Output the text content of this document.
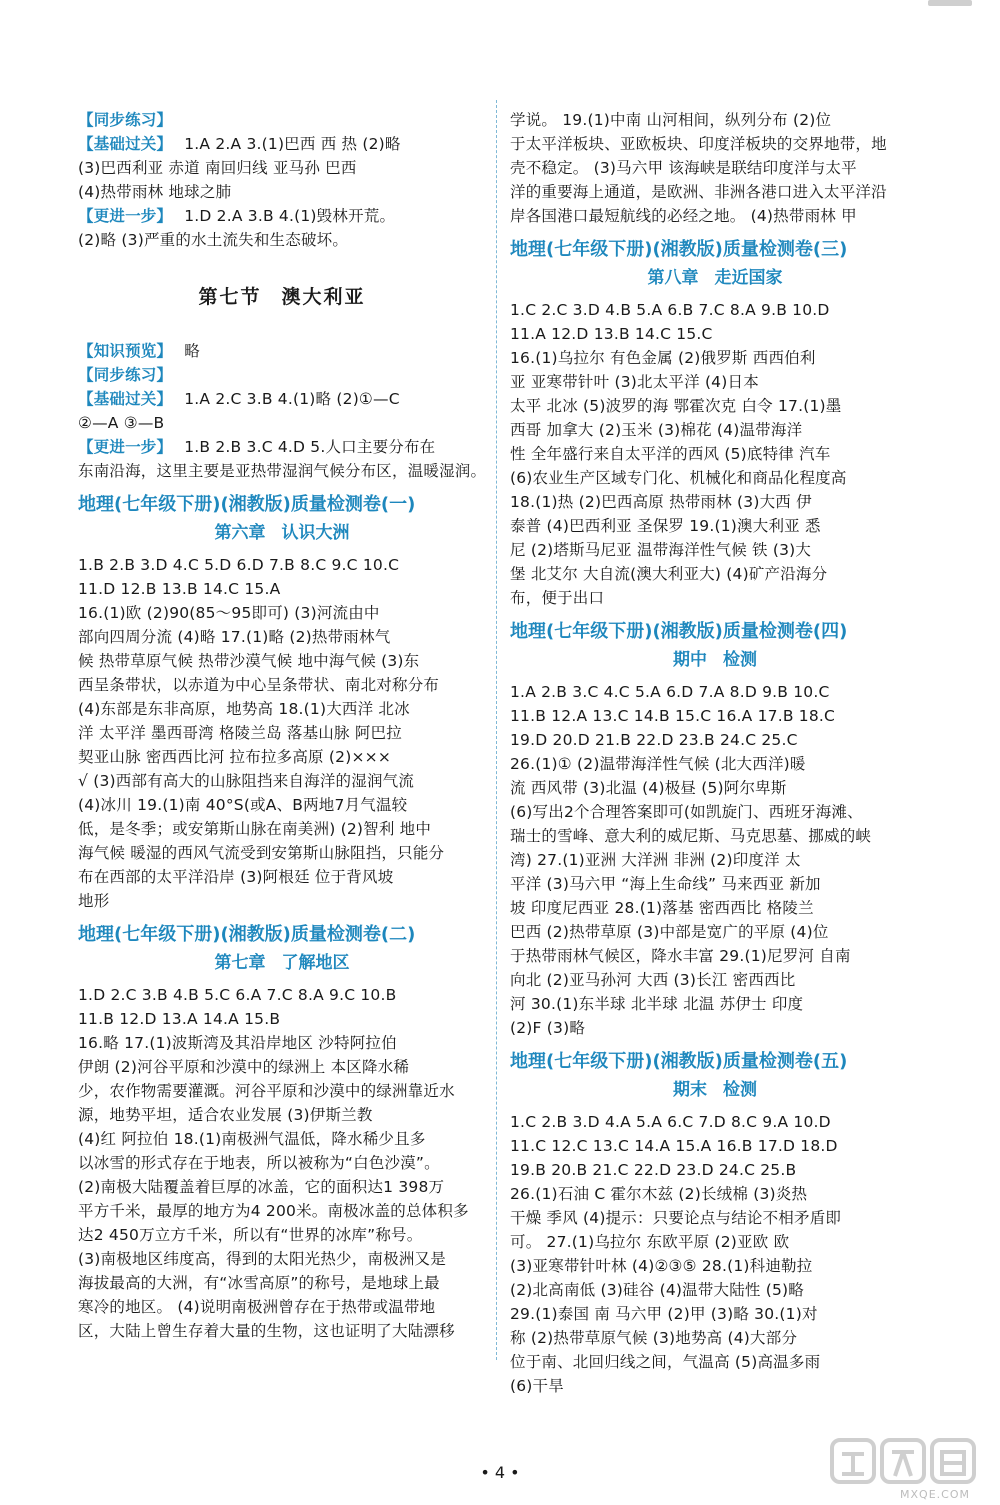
【同步练习】

【基础过关】 1.A 2.A 3.(1)巴西 西 热 (2)略

(3)巴西利亚 赤道 南回归线 亚马孙 巴西

(4)热带雨林 地球之肺

【更进一步】 1.D 2.A 3.B 4.(1)毁林开荒。

(2)略 (3)严重的水土流失和生态破坏。

第七节 澳大利亚

【知识预览】 略

【同步练习】

【基础过关】 1.A 2.C 3.B 4.(1)略 (2)①—C

②—A ③—B

【更进一步】 1.B 2.B 3.C 4.D 5.人口主要分布在

东南沿海，这里主要是亚热带湿润气候分布区，温暖湿润。

地理(七年级下册)(湘教版)质量检测卷(一)
第六章 认识大洲

1.B 2.B 3.D 4.C 5.D 6.D 7.B 8.C 9.C 10.C

11.D 12.B 13.B 14.C 15.A

16.(1)欧 (2)90(85～95即可) (3)河流由中

部向四周分流 (4)略 17.(1)略 (2)热带雨林气

候 热带草原气候 热带沙漠气候 地中海气候 (3)东

西呈条带状，以赤道为中心呈条带状、南北对称分布

(4)东部是东非高原，地势高 18.(1)大西洋 北冰

洋 太平洋 墨西哥湾 格陵兰岛 落基山脉 阿巴拉

契亚山脉 密西西比河 拉布拉多高原 (2)×××

√ (3)西部有高大的山脉阻挡来自海洋的湿润气流

(4)冰川 19.(1)南 40°S(或A、B两地7月气温较

低，是冬季；或安第斯山脉在南美洲) (2)智利 地中

海气候 暖湿的西风气流受到安第斯山脉阻挡，只能分

布在西部的太平洋沿岸 (3)阿根廷 位于背风坡

地形

地理(七年级下册)(湘教版)质量检测卷(二)
第七章 了解地区

1.D 2.C 3.B 4.B 5.C 6.A 7.C 8.A 9.C 10.B

11.B 12.D 13.A 14.A 15.B

16.略 17.(1)波斯湾及其沿岸地区 沙特阿拉伯

伊朗 (2)河谷平原和沙漠中的绿洲上 本区降水稀

少，农作物需要灌溉。河谷平原和沙漠中的绿洲靠近水

源，地势平坦，适合农业发展 (3)伊斯兰教

(4)红 阿拉伯 18.(1)南极洲气温低，降水稀少且多

以冰雪的形式存在于地表，所以被称为“白色沙漠”。

(2)南极大陆覆盖着巨厚的冰盖，它的面积达1 398万

平方千米，最厚的地方为4 200米。南极冰盖的总体积多

达2 450万立方千米，所以有“世界的冰库”称号。

(3)南极地区纬度高，得到的太阳光热少，南极洲又是

海拔最高的大洲，有“冰雪高原”的称号，是地球上最

寒冷的地区。 (4)说明南极洲曾存在于热带或温带地

区，大陆上曾生存着大量的生物，这也证明了大陆漂移

学说。 19.(1)中南 山河相间，纵列分布 (2)位

于太平洋板块、亚欧板块、印度洋板块的交界地带，地

壳不稳定。 (3)马六甲 该海峡是联结印度洋与太平

洋的重要海上通道，是欧洲、非洲各港口进入太平洋沿

岸各国港口最短航线的必经之地。 (4)热带雨林 甲

地理(七年级下册)(湘教版)质量检测卷(三)
第八章 走近国家

1.C 2.C 3.D 4.B 5.A 6.B 7.C 8.A 9.B 10.D

11.A 12.D 13.B 14.C 15.C

16.(1)乌拉尔 有色金属 (2)俄罗斯 西西伯利

亚 亚寒带针叶 (3)北太平洋 (4)日本

太平 北冰 (5)波罗的海 鄂霍次克 白令 17.(1)墨

西哥 加拿大 (2)玉米 (3)棉花 (4)温带海洋

性 全年盛行来自太平洋的西风 (5)底特律 汽车

(6)农业生产区域专门化、机械化和商品化程度高

18.(1)热 (2)巴西高原 热带雨林 (3)大西 伊

泰普 (4)巴西利亚 圣保罗 19.(1)澳大利亚 悉

尼 (2)塔斯马尼亚 温带海洋性气候 铁 (3)大

堡 北艾尔 大自流(澳大利亚大) (4)矿产沿海分

布，便于出口

地理(七年级下册)(湘教版)质量检测卷(四)
期中 检测

1.A 2.B 3.C 4.C 5.A 6.D 7.A 8.D 9.B 10.C

11.B 12.A 13.C 14.B 15.C 16.A 17.B 18.C

19.D 20.D 21.B 22.D 23.B 24.C 25.C

26.(1)① (2)温带海洋性气候 (北大西洋)暖

流 西风带 (3)北温 (4)极昼 (5)阿尔卑斯

(6)写出2个合理答案即可(如凯旋门、西班牙海滩、

瑞士的雪峰、意大利的威尼斯、马克思墓、挪威的峡

湾) 27.(1)亚洲 大洋洲 非洲 (2)印度洋 太

平洋 (3)马六甲 “海上生命线” 马来西亚 新加

坡 印度尼西亚 28.(1)落基 密西西比 格陵兰

巴西 (2)热带草原 (3)中部是宽广的平原 (4)位

于热带雨林气候区，降水丰富 29.(1)尼罗河 自南

向北 (2)亚马孙河 大西 (3)长江 密西西比

河 30.(1)东半球 北半球 北温 苏伊士 印度

(2)F (3)略

地理(七年级下册)(湘教版)质量检测卷(五)
期末 检测

1.C 2.B 3.D 4.A 5.A 6.C 7.D 8.C 9.A 10.D

11.C 12.C 13.C 14.A 15.A 16.B 17.D 18.D

19.B 20.B 21.C 22.D 23.D 24.C 25.B

26.(1)石油 C 霍尔木兹 (2)长绒棉 (3)炎热

干燥 季风 (4)提示：只要论点与结论不相矛盾即

可。 27.(1)乌拉尔 东欧平原 (2)亚欧 欧

(3)亚寒带针叶林 (4)②③⑤ 28.(1)科迪勒拉

(2)北高南低 (3)硅谷 (4)温带大陆性 (5)略

29.(1)泰国 南 马六甲 (2)甲 (3)略 30.(1)对

称 (2)热带草原气候 (3)地势高 (4)大部分

位于南、北回归线之间，气温高 (5)高温多雨

(6)干旱

• 4 •
MXQE.COM
